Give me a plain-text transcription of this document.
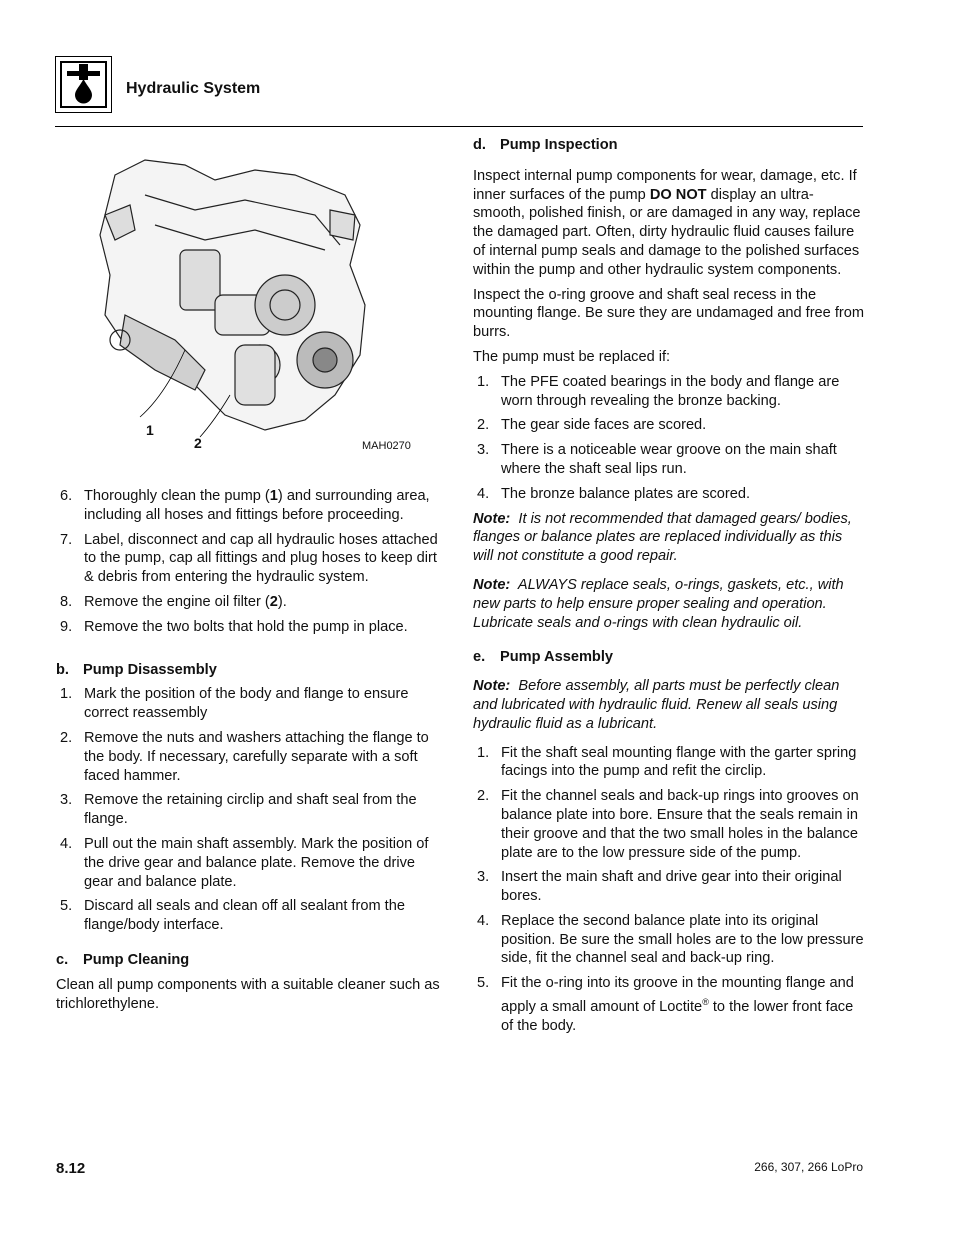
Hydraulic System
1
2	MAH0270
6. Thoroughly clean the pump (1) and surrounding area, including all hoses and fittings before proceeding.
7. Label, disconnect and cap all hydraulic hoses attached to the pump, cap all fittings and plug hoses to keep dirt & debris from entering the hydraulic system.
8. Remove the engine oil filter (2).
9. Remove the two bolts that hold the pump in place.
b. Pump Disassembly
1. Mark the position of the body and flange to ensure correct reassembly
2. Remove the nuts and washers attaching the flange to the body. If necessary, carefully separate with a soft faced hammer.
3. Remove the retaining circlip and shaft seal from the flange.
4. Pull out the main shaft assembly. Mark the position of the drive gear and balance plate. Remove the drive gear and balance plate.
5. Discard all seals and clean off all sealant from the flange/body interface.
c. Pump Cleaning

Clean all pump components with a suitable cleaner such as trichlorethylene.

d. Pump Inspection

Inspect internal pump components for wear, damage, etc. If inner surfaces of the pump DO NOT display an ultra-smooth, polished finish, or are damaged in any way, replace the damaged part. Often, dirty hydraulic fluid causes failure of internal pump seals and damage to the polished surfaces within the pump and other hydraulic system components.

Inspect the o-ring groove and shaft seal recess in the mounting flange. Be sure they are undamaged and free from burrs.

The pump must be replaced if:

1. The PFE coated bearings in the body and flange are worn through revealing the bronze backing.
2. The gear side faces are scored.
3. There is a noticeable wear groove on the main shaft where the shaft seal lips run.
4. The bronze balance plates are scored.

Note: It is not recommended that damaged gears/ bodies, flanges or balance plates are replaced individually as this will not constitute a good repair.

Note: ALWAYS replace seals, o-rings, gaskets, etc., with new parts to help ensure proper sealing and operation. Lubricate seals and o-rings with clean hydraulic oil.

e. Pump Assembly

Note: Before assembly, all parts must be perfectly clean and lubricated with hydraulic fluid. Renew all seals using hydraulic fluid as a lubricant.

1. Fit the shaft seal mounting flange with the garter spring facings into the pump and refit the circlip.
2. Fit the channel seals and back-up rings into grooves on balance plate into bore. Ensure that the seals remain in their groove and that the two small holes in the balance plate are to the low pressure side of the pump.
3. Insert the main shaft and drive gear into their original bores.
4. Replace the second balance plate into its original position. Be sure the small holes are to the low pressure side, fit the channel seal and back-up ring.
5. Fit the o-ring into its groove in the mounting flange and apply a small amount of Loctite® to the lower front face of the body.
8.12	266, 307, 266 LoPro
